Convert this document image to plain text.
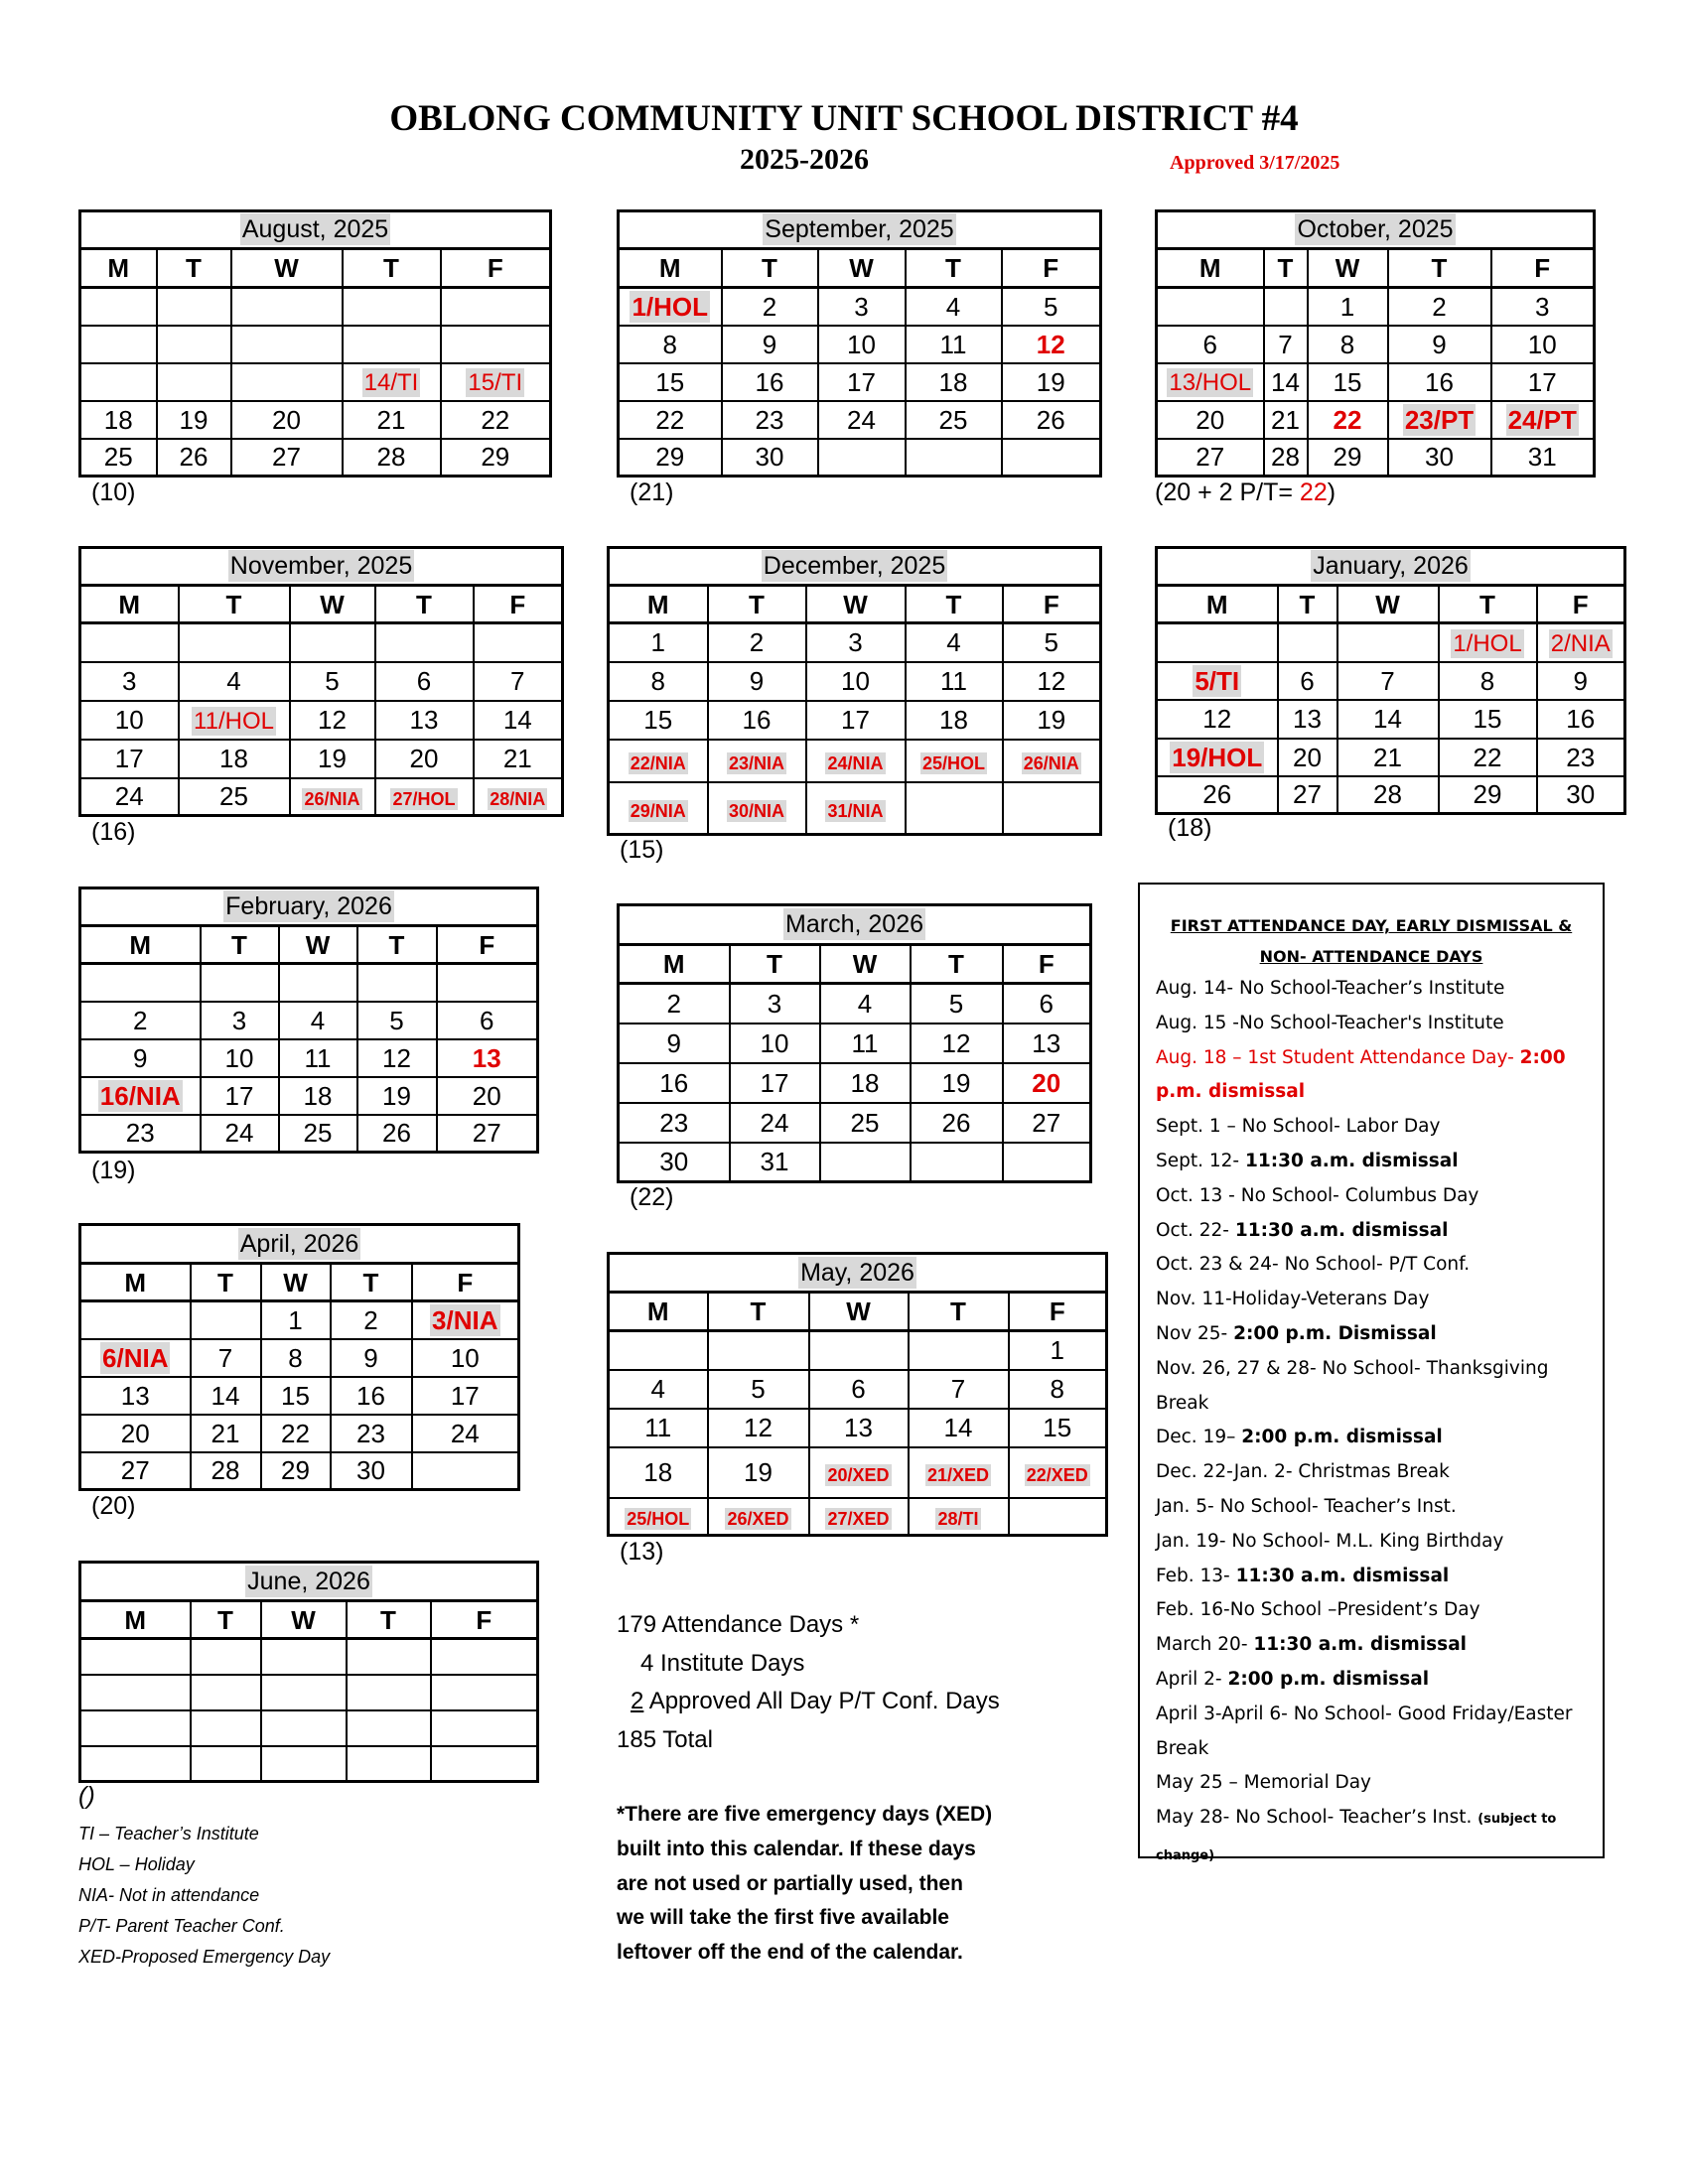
OBLONG COMMUNITY UNIT SCHOOL DISTRICT #4
2025-2026	Approved 3/17/2025
August, 2025				
M	T	W	T	F

			14/TI	15/TI
18	19	20	21	22
25	26	27	28	29
(10)
September, 2025				
M	T	W	T	F
1/HOL	2	3	4	5
8	9	10	11	12
15	16	17	18	19
22	23	24	25	26
29	30			
(21)
October, 2025				
M	T	W	T	F
		1	2	3
6	7	8	9	10
13/HOL	14	15	16	17
20	21	22	23/PT	24/PT
27	28	29	30	31
(20 + 2 P/T= 22)
November, 2025				
M	T	W	T	F

3	4	5	6	7
10	11/HOL	12	13	14
17	18	19	20	21
24	25	26/NIA	27/HOL	28/NIA
(16)
December, 2025				
M	T	W	T	F
1	2	3	4	5
8	9	10	11	12
15	16	17	18	19
22/NIA	23/NIA	24/NIA	25/HOL	26/NIA
29/NIA	30/NIA	31/NIA		
(15)
January, 2026				
M	T	W	T	F
			1/HOL	2/NIA
5/TI	6	7	8	9
12	13	14	15	16
19/HOL	20	21	22	23
26	27	28	29	30
(18)
February, 2026				
M	T	W	T	F

2	3	4	5	6
9	10	11	12	13
16/NIA	17	18	19	20
23	24	25	26	27
(19)
March, 2026				
M	T	W	T	F
2	3	4	5	6
9	10	11	12	13
16	17	18	19	20
23	24	25	26	27
30	31			
(22)
April, 2026				
M	T	W	T	F
		1	2	3/NIA
6/NIA	7	8	9	10
13	14	15	16	17
20	21	22	23	24
27	28	29	30	
(20)
May, 2026				
M	T	W	T	F
				1
4	5	6	7	8
11	12	13	14	15
18	19	20/XED	21/XED	22/XED
25/HOL	26/XED	27/XED	28/TI	
(13)
June, 2026				
M	T	W	T	F

()
FIRST ATTENDANCE DAY, EARLY DISMISSAL &
NON- ATTENDANCE DAYS
Aug. 14- No School-Teacher’s Institute
Aug. 15 -No School-Teacher's Institute
Aug. 18 – 1st Student Attendance Day- 2:00 p.m. dismissal
Sept. 1 – No School- Labor Day
Sept. 12- 11:30 a.m. dismissal
Oct. 13 - No School- Columbus Day
Oct. 22- 11:30 a.m. dismissal
Oct. 23 & 24- No School- P/T Conf.
Nov. 11-Holiday-Veterans Day
Nov 25- 2:00 p.m. Dismissal
Nov. 26, 27 & 28- No School- Thanksgiving Break
Dec. 19– 2:00 p.m. dismissal
Dec. 22-Jan. 2- Christmas Break
Jan. 5- No School- Teacher’s Inst.
Jan. 19- No School- M.L. King Birthday
Feb. 13- 11:30 a.m. dismissal
Feb. 16-No School –President’s Day
March 20- 11:30 a.m. dismissal
April 2- 2:00 p.m. dismissal
April 3-April 6- No School- Good Friday/Easter Break
May 25 – Memorial Day
May 28- No School- Teacher’s Inst. (subject to change)
179 Attendance Days *
4 Institute Days
2 Approved All Day P/T Conf. Days
185 Total
*There are five emergency days (XED)
built into this calendar. If these days
are not used or partially used, then
we will take the first five available
leftover off the end of the calendar.
TI – Teacher’s Institute
HOL – Holiday
NIA- Not in attendance
P/T- Parent Teacher Conf.
XED-Proposed Emergency Day
